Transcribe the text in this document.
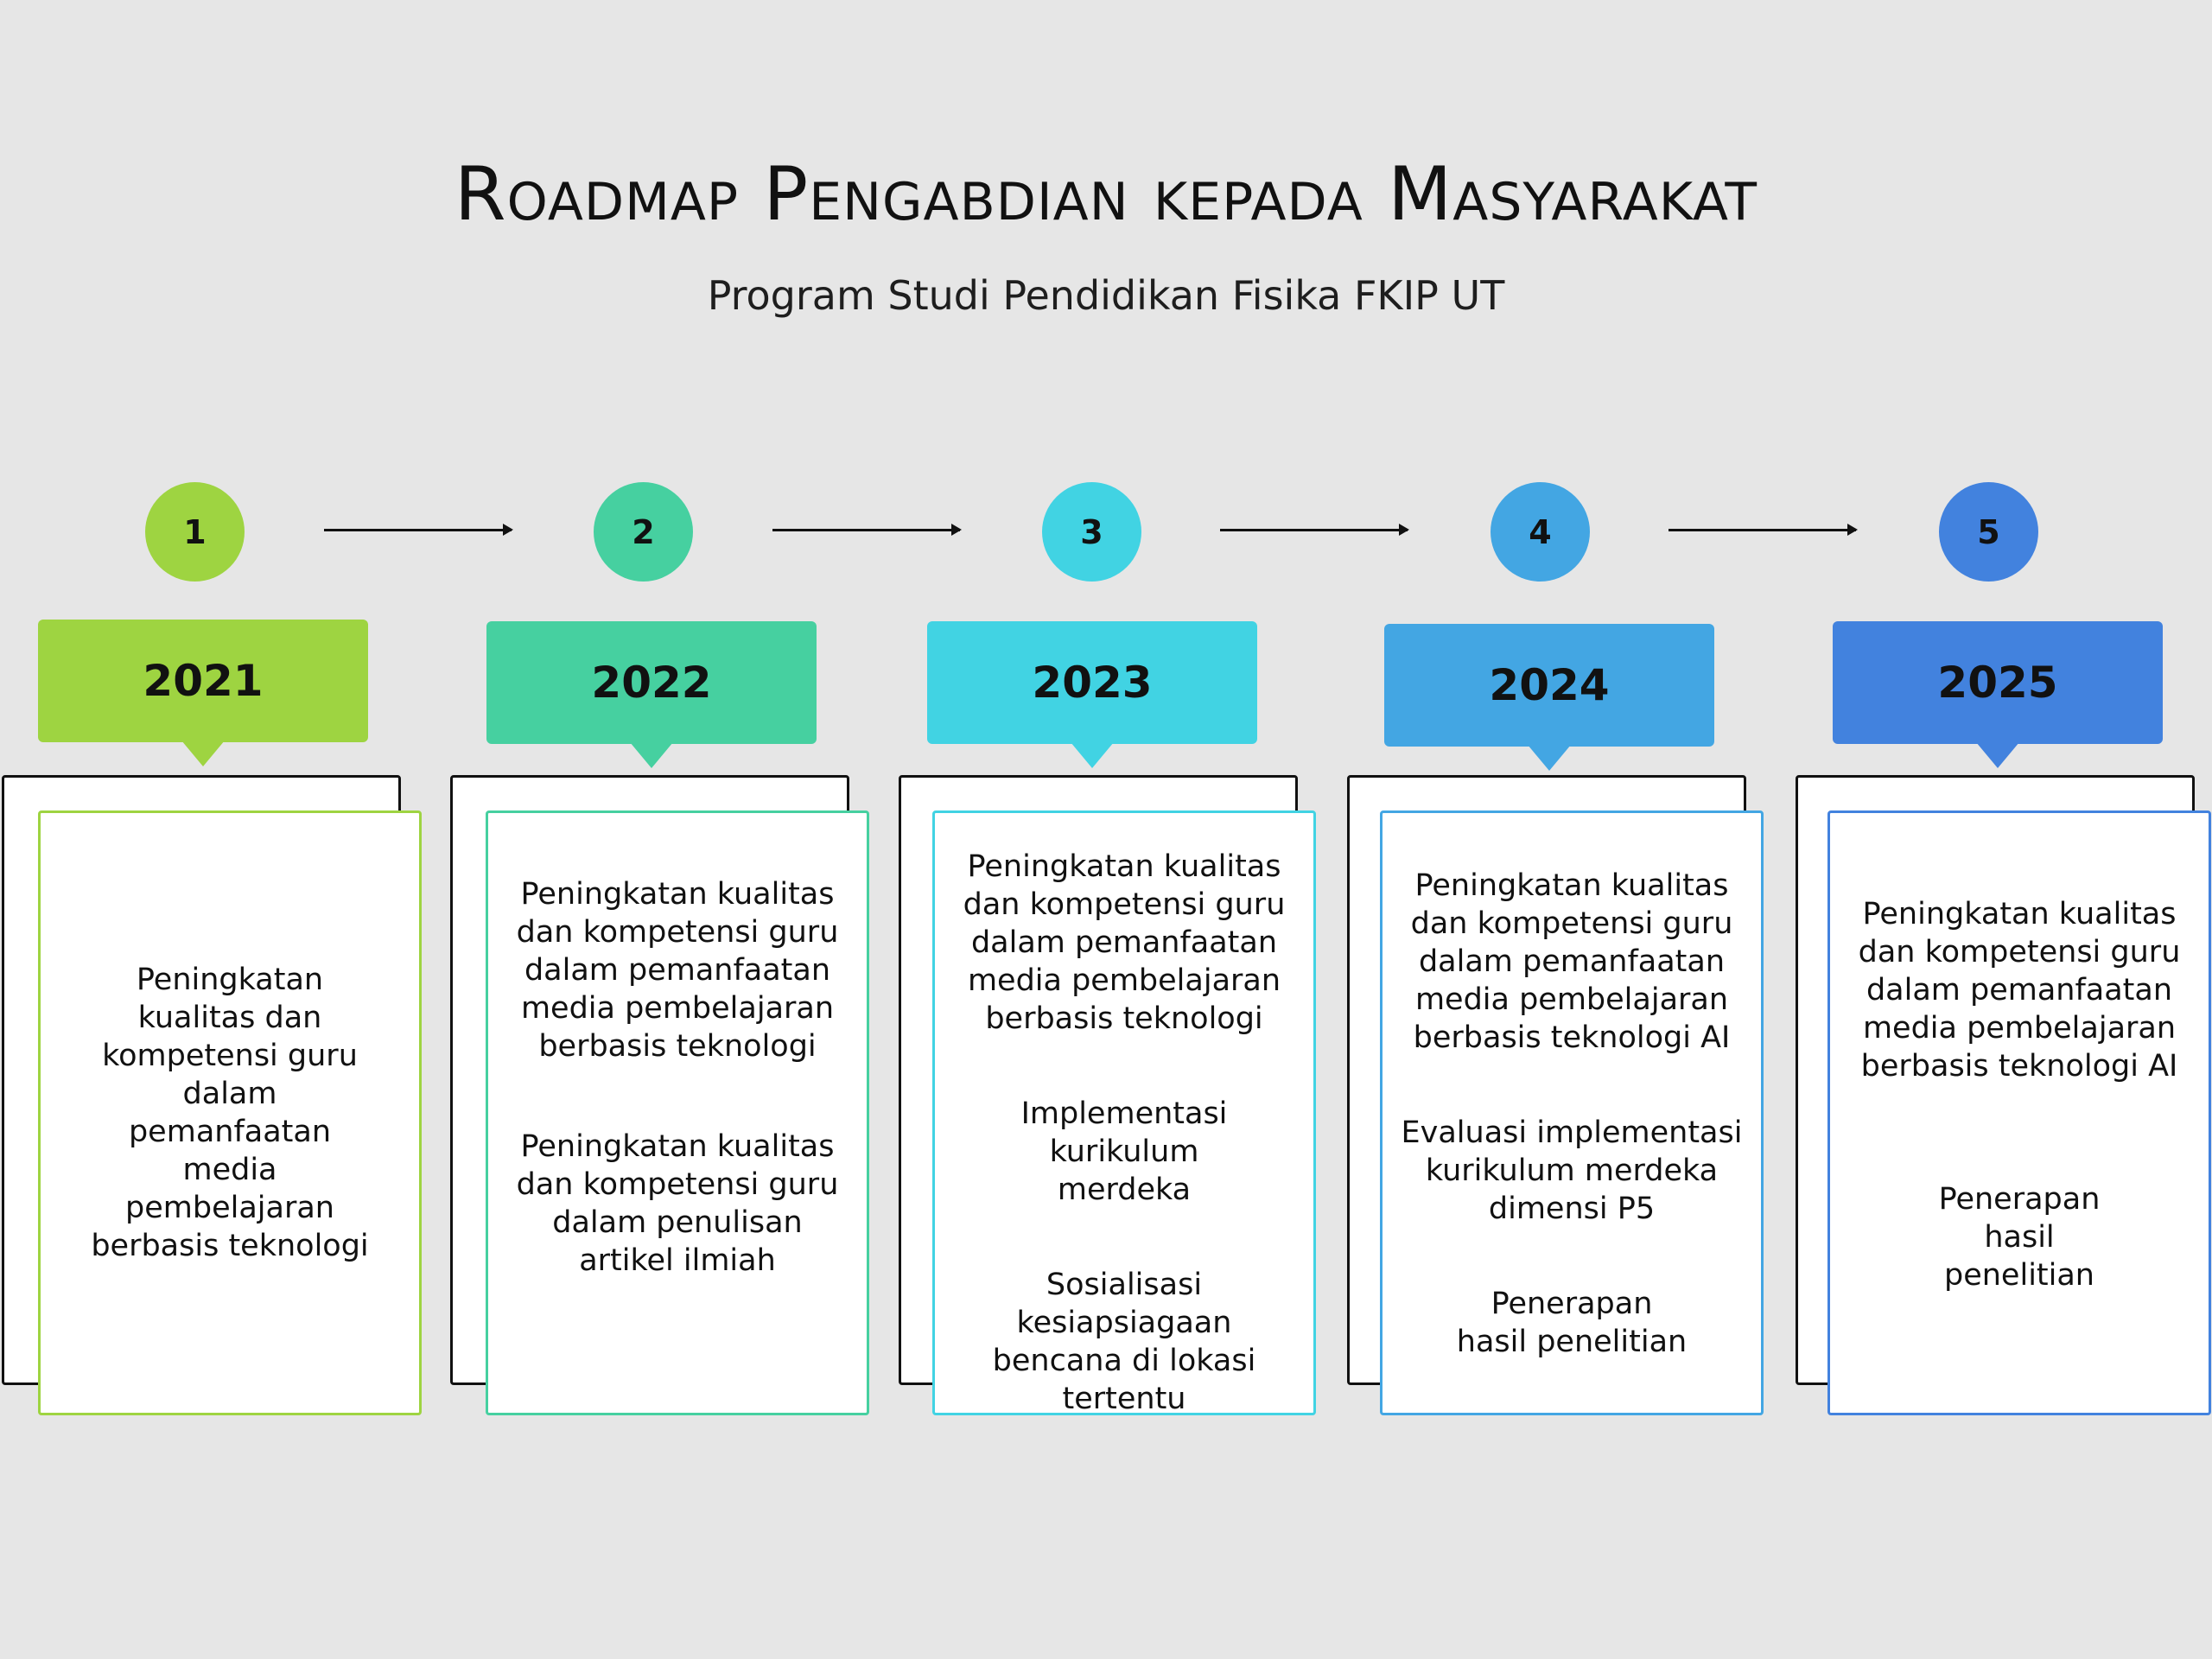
Roadmap Pengabdian kepada Masyarakat
Program Studi Pendidikan Fisika FKIP UT
1
2021

Peningkatan kualitas dan kompetensi guru dalam pemanfaatan media pembelajaran berbasis teknologi

2
2022

Peningkatan kualitas dan kompetensi guru dalam pemanfaatan media pembelajaran berbasis teknologi

Peningkatan kualitas dan kompetensi guru dalam penulisan artikel ilmiah

3
2023

Peningkatan kualitas dan kompetensi guru dalam pemanfaatan media pembelajaran berbasis teknologi

Implementasi kurikulum merdeka

Sosialisasi kesiapsiagaan bencana di lokasi tertentu

4
2024

Peningkatan kualitas dan kompetensi guru dalam pemanfaatan media pembelajaran berbasis teknologi AI

Evaluasi implementasi kurikulum merdeka dimensi P5

Penerapan hasil penelitian

5
2025

Peningkatan kualitas dan kompetensi guru dalam pemanfaatan media pembelajaran berbasis teknologi AI

Penerapan hasil penelitian
